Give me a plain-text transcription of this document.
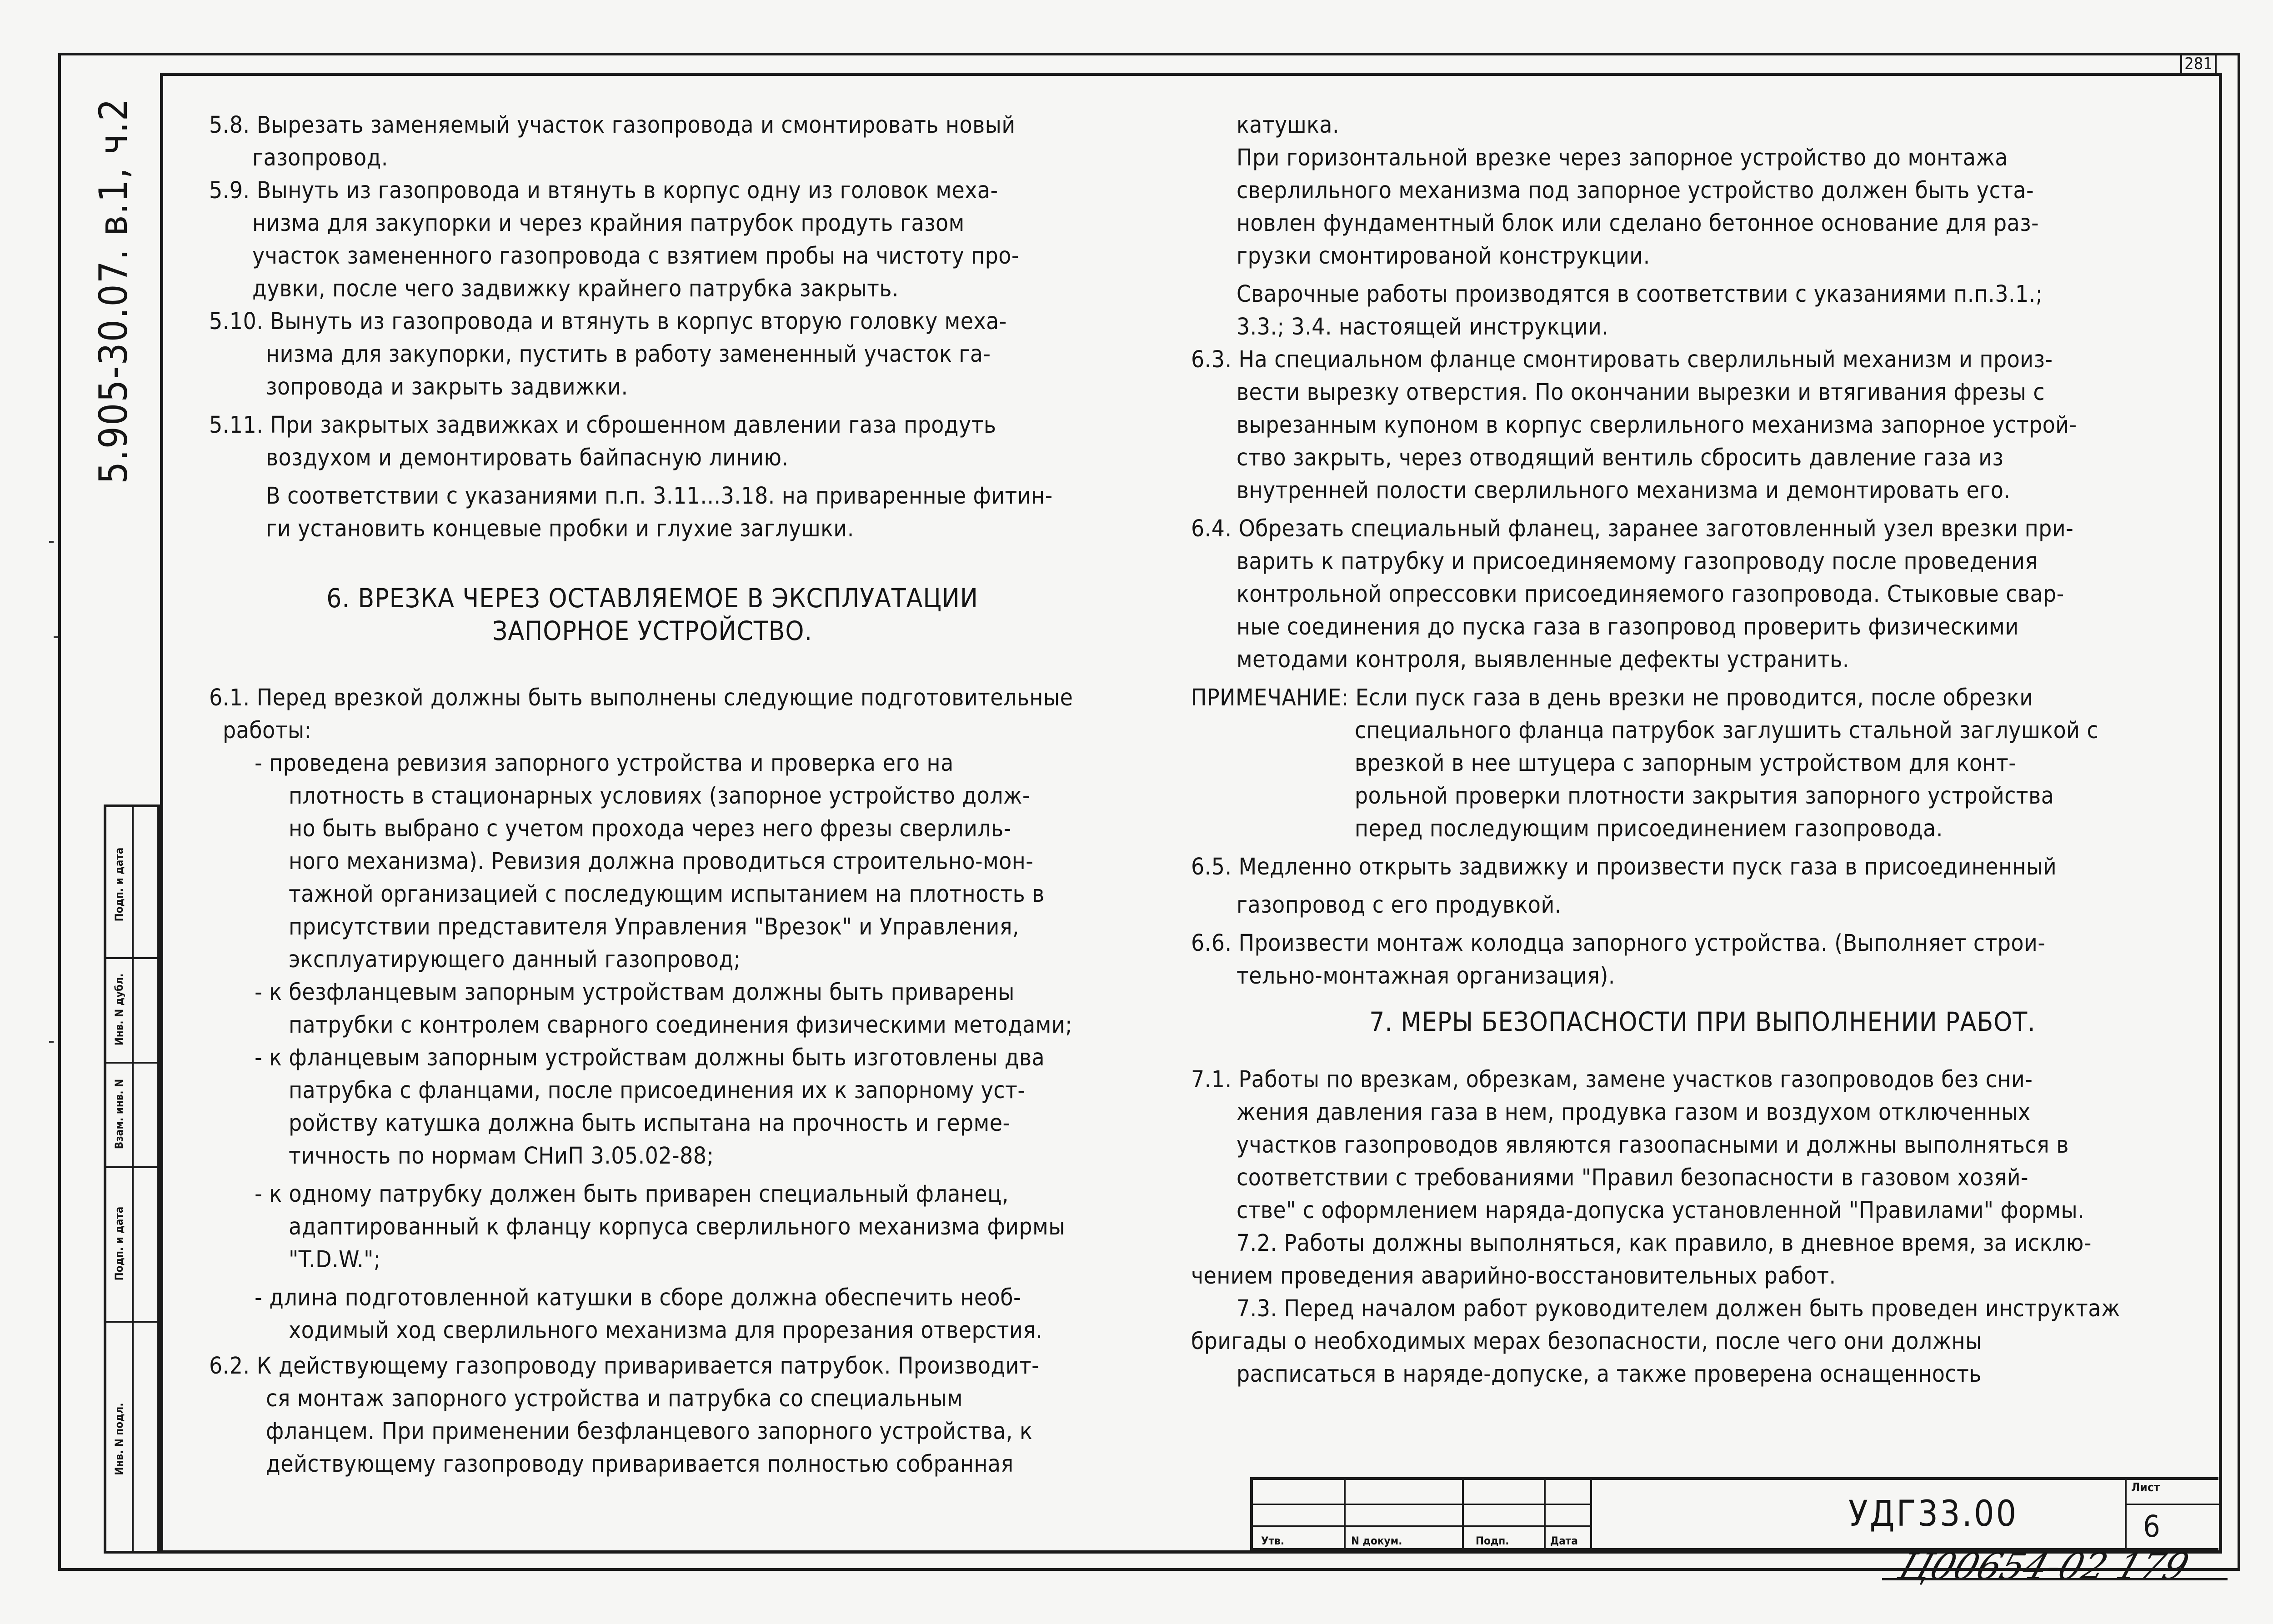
281
5.905-30.07. в.1, ч.2
Подп. и дата
Инв. N дубл.
Взам. инв. N
Подп. и дата
Инв. N подл.
5.8. Вырезать заменяемый участок газопровода и смонтировать новый
газопровод.
5.9. Вынуть из газопровода и втянуть в корпус одну из головок меха-
низма для закупорки и через крайния патрубок продуть газом
участок замененного газопровода с взятием пробы на чистоту про-
дувки, после чего задвижку крайнего патрубка закрыть.
5.10. Вынуть из газопровода и втянуть в корпус вторую головку меха-
низма для закупорки, пустить в работу замененный участок га-
зопровода и закрыть задвижки.
5.11. При закрытых задвижках и сброшенном давлении газа продуть
воздухом и демонтировать байпасную линию.
В соответствии с указаниями п.п. 3.11...3.18. на приваренные фитин-
ги установить концевые пробки и глухие заглушки.
6. ВРЕЗКА ЧЕРЕЗ ОСТАВЛЯЕМОЕ В ЭКСПЛУАТАЦИИ
ЗАПОРНОЕ УСТРОЙСТВО.
6.1. Перед врезкой должны быть выполнены следующие подготовительные
работы:
- проведена ревизия запорного устройства и проверка его на
плотность в стационарных условиях (запорное устройство долж-
но быть выбрано с учетом прохода через него фрезы сверлиль-
ного механизма). Ревизия должна проводиться строительно-мон-
тажной организацией с последующим испытанием на плотность в
присутствии представителя Управления "Врезок" и Управления,
эксплуатирующего данный газопровод;
- к безфланцевым запорным устройствам должны быть приварены
патрубки с контролем сварного соединения физическими методами;
- к фланцевым запорным устройствам должны быть изготовлены два
патрубка с фланцами, после присоединения их к запорному уст-
ройству катушка должна быть испытана на прочность и герме-
тичность по нормам СНиП 3.05.02-88;
- к одному патрубку должен быть приварен специальный фланец,
адаптированный к фланцу корпуса сверлильного механизма фирмы
"T.D.W.";
- длина подготовленной катушки в сборе должна обеспечить необ-
ходимый ход сверлильного механизма для прорезания отверстия.
6.2. К действующему газопроводу приваривается патрубок. Производит-
ся монтаж запорного устройства и патрубка со специальным
фланцем. При применении безфланцевого запорного устройства, к
действующему газопроводу приваривается полностью собранная
катушка.
При горизонтальной врезке через запорное устройство до монтажа
сверлильного механизма под запорное устройство должен быть уста-
новлен фундаментный блок или сделано бетонное основание для раз-
грузки смонтированой конструкции.
Сварочные работы производятся в соответствии с указаниями п.п.3.1.;
3.3.; 3.4. настоящей инструкции.
6.3. На специальном фланце смонтировать сверлильный механизм и произ-
вести вырезку отверстия. По окончании вырезки и втягивания фрезы с
вырезанным купоном в корпус сверлильного механизма запорное устрой-
ство закрыть, через отводящий вентиль сбросить давление газа из
внутренней полости сверлильного механизма и демонтировать его.
6.4. Обрезать специальный фланец, заранее заготовленный узел врезки при-
варить к патрубку и присоединяемому газопроводу после проведения
контрольной опрессовки присоединяемого газопровода. Стыковые свар-
ные соединения до пуска газа в газопровод проверить физическими
методами контроля, выявленные дефекты устранить.
ПРИМЕЧАНИЕ: Если пуск газа в день врезки не проводится, после обрезки
специального фланца патрубок заглушить стальной заглушкой с
врезкой в нее штуцера с запорным устройством для конт-
рольной проверки плотности закрытия запорного устройства
перед последующим присоединением газопровода.
6.5. Медленно открыть задвижку и произвести пуск газа в присоединенный
газопровод с его продувкой.
6.6. Произвести монтаж колодца запорного устройства. (Выполняет строи-
тельно-монтажная организация).
7. МЕРЫ БЕЗОПАСНОСТИ ПРИ ВЫПОЛНЕНИИ РАБОТ.
7.1. Работы по врезкам, обрезкам, замене участков газопроводов без сни-
жения давления газа в нем, продувка газом и воздухом отключенных
участков газопроводов являются газоопасными и должны выполняться в
соответствии с требованиями "Правил безопасности в газовом хозяй-
стве" с оформлением наряда-допуска установленной "Правилами" формы.
7.2. Работы должны выполняться, как правило, в дневное время, за исклю-
чением проведения аварийно-восстановительных работ.
7.3. Перед началом работ руководителем должен быть проведен инструктаж
бригады о необходимых мерах безопасности, после чего они должны
расписаться в наряде-допуске, а также проверена оснащенность
Утв.	N докум.	Подп.	Дата
УДГ33.00
Лист
6
Ц00654-02 179
